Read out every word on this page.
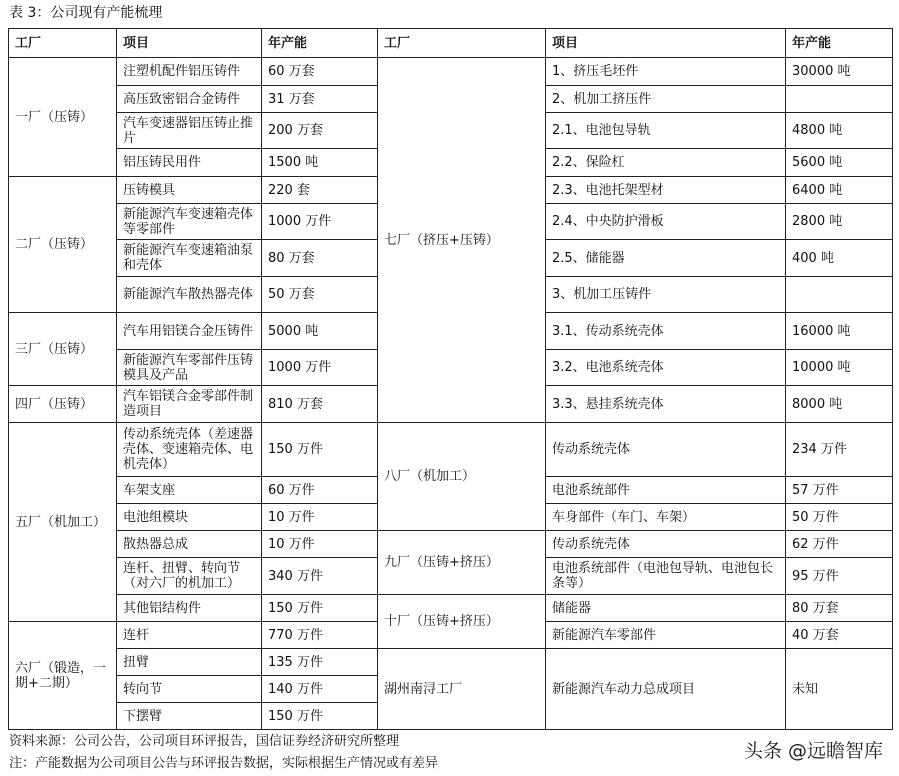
表 3：公司现有产能梳理
工厂	项目	年产能	工厂	项目	年产能
一厂（压铸）	注塑机配件铝压铸件	60 万套	七厂（挤压+压铸）	1、挤压毛坯件	30000 吨
	高压致密铝合金铸件	31 万套		2、机加工挤压件	
	汽车变速器铝压铸止推片	200 万套		2.1、电池包导轨	4800 吨
	铝压铸民用件	1500 吨		2.2、保险杠	5600 吨
二厂（压铸）	压铸模具	220 套		2.3、电池托架型材	6400 吨
	新能源汽车变速箱壳体等零部件	1000 万件		2.4、中央防护滑板	2800 吨
	新能源汽车变速箱油泵和壳体	80 万套		2.5、储能器	400 吨
	新能源汽车散热器壳体	50 万套		3、机加工压铸件	
三厂（压铸）	汽车用铝镁合金压铸件	5000 吨		3.1、传动系统壳体	16000 吨
	新能源汽车零部件压铸模具及产品	1000 万件		3.2、电池系统壳体	10000 吨
四厂（压铸）	汽车铝镁合金零部件制造项目	810 万套		3.3、悬挂系统壳体	8000 吨
五厂（机加工）	传动系统壳体（差速器壳体、变速箱壳体、电机壳体）	150 万件	八厂（机加工）	传动系统壳体	234 万件
	车架支座	60 万件		电池系统部件	57 万件
	电池组模块	10 万件		车身部件（车门、车架）	50 万件
	散热器总成	10 万件	九厂（压铸+挤压）	传动系统壳体	62 万件
	连杆、扭臂、转向节（对六厂的机加工）	340 万件		电池系统部件（电池包导轨、电池包长条等）	95 万件
	其他铝结构件	150 万件	十厂（压铸+挤压）	储能器	80 万套
六厂（锻造，一期+二期）	连杆	770 万件		新能源汽车零部件	40 万套
	扭臂	135 万件	湖州南浔工厂	新能源汽车动力总成项目	未知
	转向节	140 万件			
	下摆臂	150 万件			
资料来源：公司公告，公司项目环评报告，国信证券经济研究所整理
注：产能数据为公司项目公告与环评报告数据，实际根据生产情况或有差异
头条 @远瞻智库
